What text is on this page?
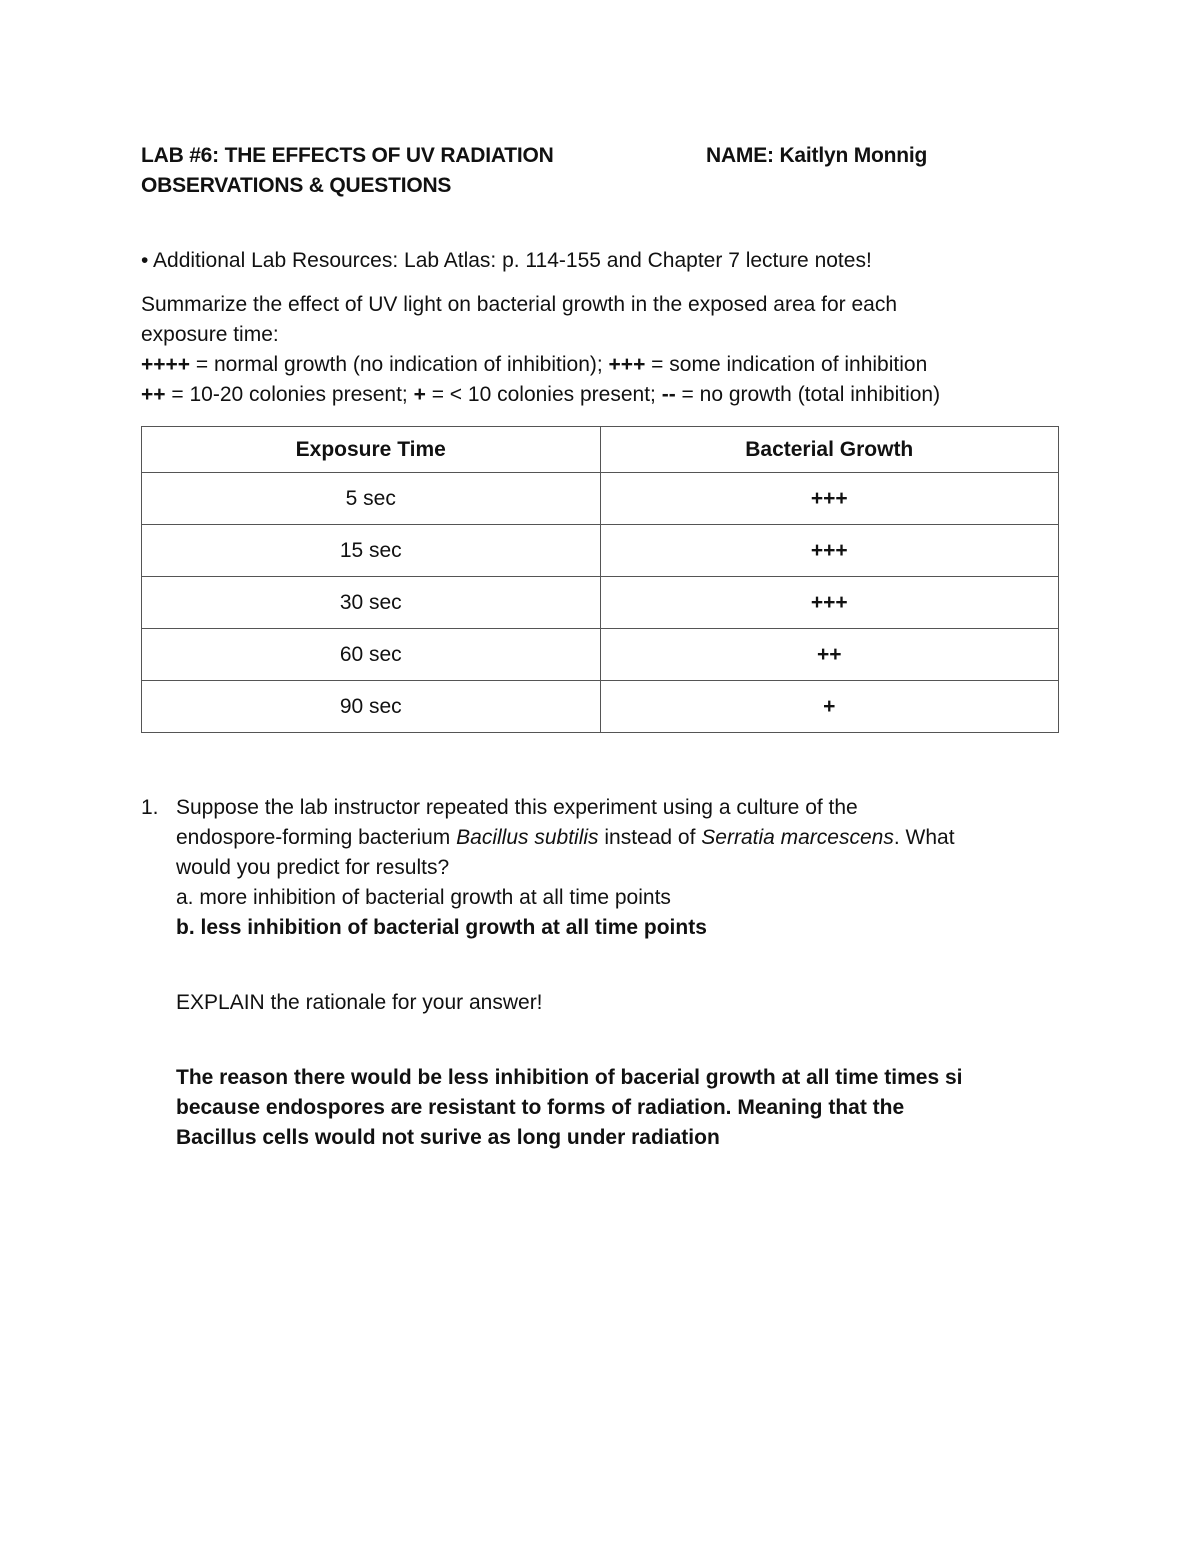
LAB #6: THE EFFECTS OF UV RADIATION	NAME: Kaitlyn Monnig
OBSERVATIONS & QUESTIONS
• Additional Lab Resources: Lab Atlas: p. 114-155 and Chapter 7 lecture notes!
Summarize the effect of UV light on bacterial growth in the exposed area for each
exposure time:
++++ = normal growth (no indication of inhibition); +++ = some indication of inhibition
++ = 10-20 colonies present; + = < 10 colonies present; -- = no growth (total inhibition)
Exposure Time	Bacterial Growth
5 sec	+++
15 sec	+++
30 sec	+++
60 sec	++
90 sec	+
1. Suppose the lab instructor repeated this experiment using a culture of the

endospore-forming bacterium Bacillus subtilis instead of Serratia marcescens. What

would you predict for results?

a. more inhibition of bacterial growth at all time points

b. less inhibition of bacterial growth at all time points

EXPLAIN the rationale for your answer!

The reason there would be less inhibition of bacerial growth at all time times si

because endospores are resistant to forms of radiation. Meaning that the

Bacillus cells would not surive as long under radiation
